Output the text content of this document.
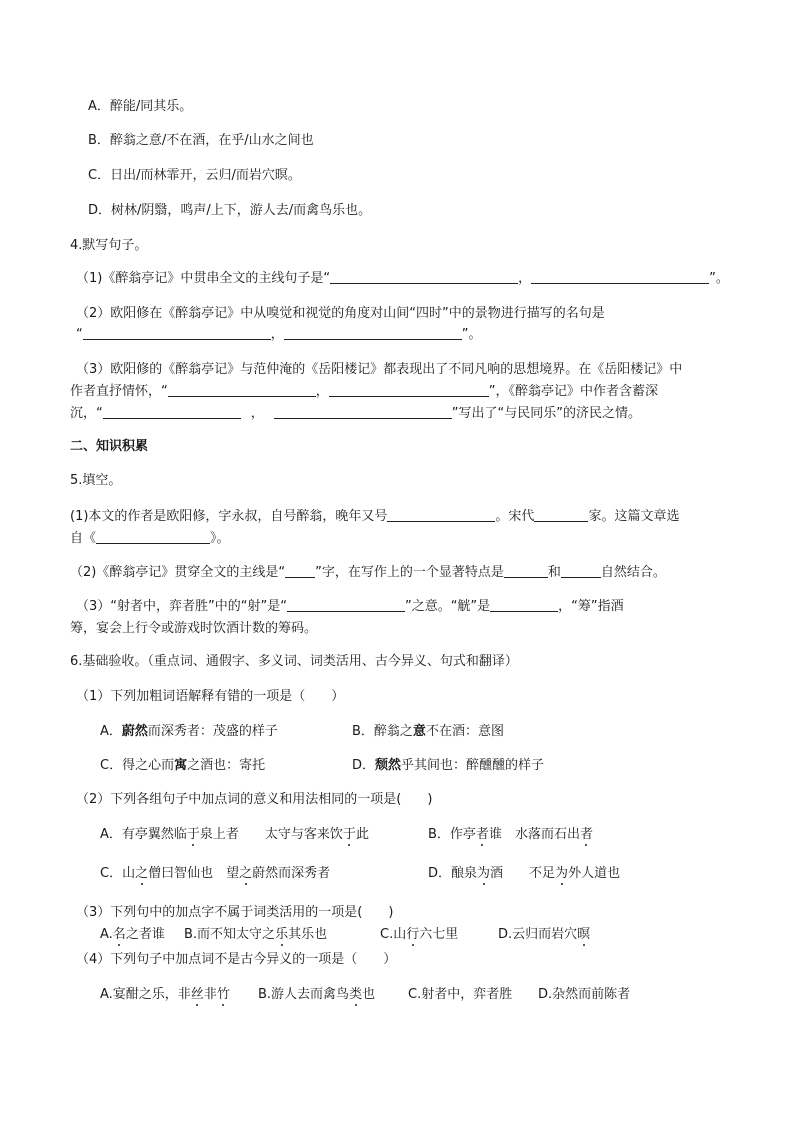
A．醉能/同其乐。
B．醉翁之意/不在酒，在乎/山水之间也
C．日出/而林霏开，云归/而岩穴暝。
D．树林/阴翳，鸣声/上下，游人去/而禽鸟乐也。
4.默写句子。
（1)《醉翁亭记》中贯串全文的主线句子是“	，	”。
（2）欧阳修在《醉翁亭记》中从嗅觉和视觉的角度对山间“四时”中的景物进行描写的名句是
“	，	”。
（3）欧阳修的《醉翁亭记》与范仲淹的《岳阳楼记》都表现出了不同凡响的思想境界。在《岳阳楼记》中
作者直抒情怀，“	，	”，《醉翁亭记》中作者含蓄深
沉，“	，	”写出了“与民同乐”的济民之情。
二、知识积累
5.填空。
(1)本文的作者是欧阳修，字永叔，自号醉翁，晚年又号	。宋代	家。这篇文章选
自《	》。
（2)《醉翁亭记》贯穿全文的主线是“ ”字，在写作上的一个显著特点是	和	自然结合。
（3）“射者中，弈者胜”中的“射”是“	”之意。“觥”是	，“筹”指酒
筹，宴会上行令或游戏时饮酒计数的筹码。
6.基础验收。（重点词、通假字、多义词、词类活用、古今异义、句式和翻译）
（1）下列加粗词语解释有错的一项是（　　）
A．蔚然而深秀者：茂盛的样子	B．醉翁之意不在酒：意图
C．得之心而寓之酒也：寄托	D．颓然乎其间也：醉醺醺的样子
（2）下列各组句子中加点词的意义和用法相同的一项是(　　)
A．有亭翼然临于泉上者　　太守与客来饮于此	B．作亭者谁　水落而石出者
C．山之僧曰智仙也　望之蔚然而深秀者	D．酿泉为酒　　不足为外人道也
（3）下列句中的加点字不属于词类活用的一项是(　　)
A.名之者谁 B.而不知太守之乐其乐也	C.山行六七里	D.云归而岩穴暝
（4）下列句子中加点词不是古今异义的一项是（　　）
A.宴酣之乐，非丝非竹 B.游人去而禽鸟类也	C.射者中，弈者胜 D.杂然而前陈者
